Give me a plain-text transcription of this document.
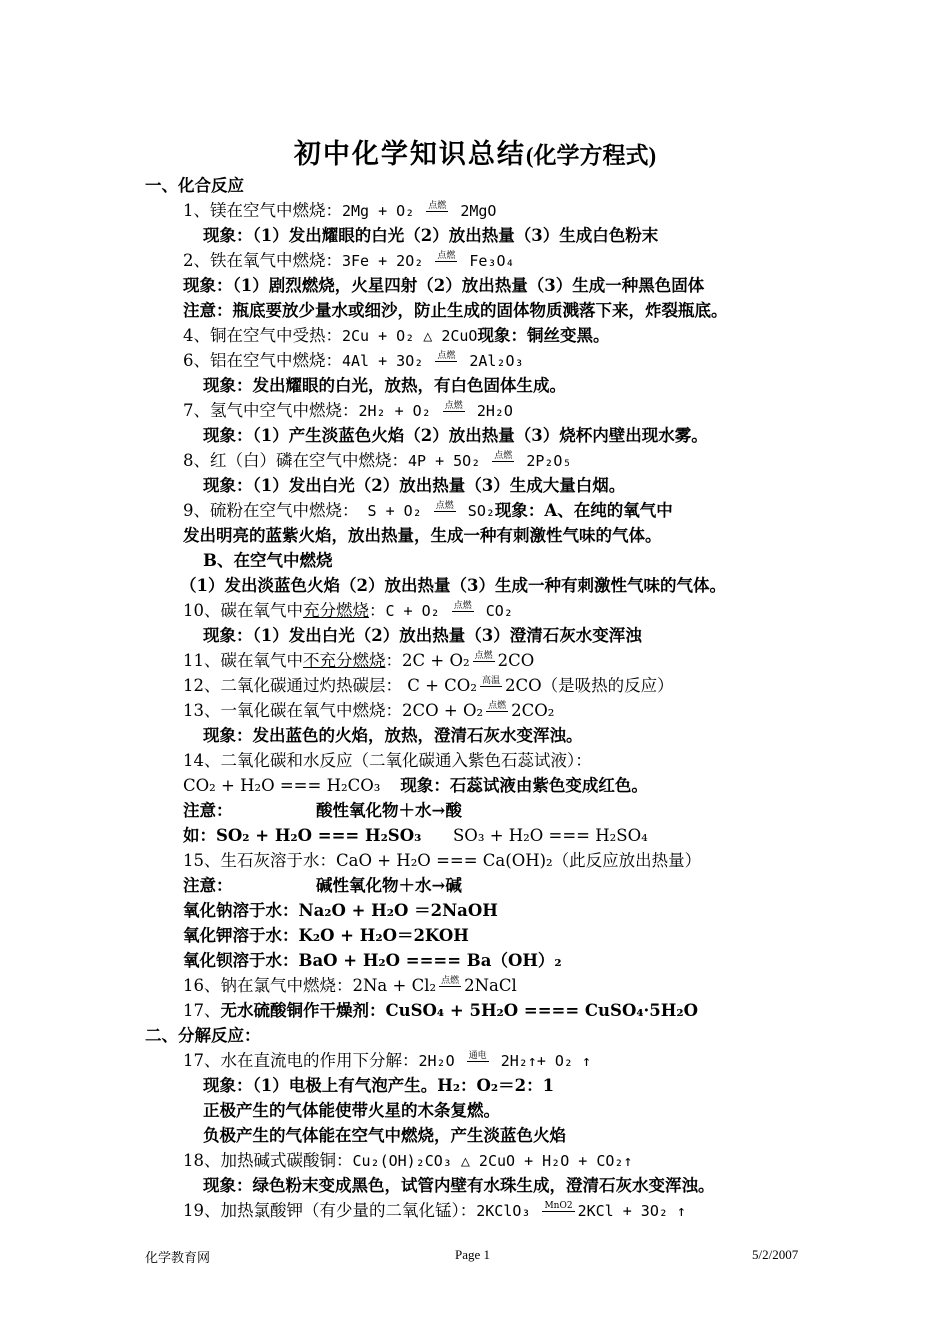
初中化学知识总结(化学方程式)
一、化合反应
1、镁在空气中燃烧：2Mg + O₂ 点燃 2MgO
现象：（1）发出耀眼的白光（2）放出热量（3）生成白色粉末
2、铁在氧气中燃烧：3Fe + 2O₂ 点燃 Fe₃O₄
现象：（1）剧烈燃烧，火星四射（2）放出热量（3）生成一种黑色固体
注意：瓶底要放少量水或细沙，防止生成的固体物质溅落下来，炸裂瓶底。
4、铜在空气中受热：2Cu + O₂ △ 2CuO现象：铜丝变黑。
6、铝在空气中燃烧：4Al + 3O₂ 点燃 2Al₂O₃
现象：发出耀眼的白光，放热，有白色固体生成。
7、氢气中空气中燃烧：2H₂ + O₂ 点燃 2H₂O
现象：（1）产生淡蓝色火焰（2）放出热量（3）烧杯内壁出现水雾。
8、红（白）磷在空气中燃烧：4P + 5O₂ 点燃 2P₂O₅
现象：（1）发出白光（2）放出热量（3）生成大量白烟。
9、硫粉在空气中燃烧： S + O₂ 点燃 SO₂现象：A、在纯的氧气中
发出明亮的蓝紫火焰，放出热量，生成一种有刺激性气味的气体。
B、在空气中燃烧
（1）发出淡蓝色火焰（2）放出热量（3）生成一种有刺激性气味的气体。
10、碳在氧气中充分燃烧：C + O₂ 点燃 CO₂
现象：（1）发出白光（2）放出热量（3）澄清石灰水变浑浊
11、碳在氧气中不充分燃烧：2C + O₂ 点燃 2CO
12、二氧化碳通过灼热碳层： C + CO₂ 高温 2CO（是吸热的反应）
13、一氧化碳在氧气中燃烧：2CO + O₂ 点燃 2CO₂
现象：发出蓝色的火焰，放热，澄清石灰水变浑浊。
14、二氧化碳和水反应（二氧化碳通入紫色石蕊试液）：
CO₂ + H₂O === H₂CO₃ 现象：石蕊试液由紫色变成红色。
注意：	酸性氧化物＋水→酸
如：SO₂ + H₂O === H₂SO₃ SO₃ + H₂O === H₂SO₄
15、生石灰溶于水：CaO + H₂O === Ca(OH)₂（此反应放出热量）
注意：	碱性氧化物＋水→碱
氧化钠溶于水：Na₂O + H₂O ＝2NaOH
氧化钾溶于水：K₂O + H₂O＝2KOH
氧化钡溶于水：BaO + H₂O ==== Ba（OH）₂
16、钠在氯气中燃烧：2Na + Cl₂ 点燃 2NaCl
17、无水硫酸铜作干燥剂：CuSO₄ + 5H₂O ==== CuSO₄·5H₂O
二、分解反应：
17、水在直流电的作用下分解：2H₂O 通电 2H₂↑+ O₂ ↑
现象：（1）电极上有气泡产生。H₂：O₂＝2：1
正极产生的气体能使带火星的木条复燃。
负极产生的气体能在空气中燃烧，产生淡蓝色火焰
18、加热碱式碳酸铜：Cu₂(OH)₂CO₃ △ 2CuO + H₂O + CO₂↑
现象：绿色粉末变成黑色，试管内壁有水珠生成，澄清石灰水变浑浊。
19、加热氯酸钾（有少量的二氧化锰）：2KClO₃ MnO2 2KCl + 3O₂ ↑
化学教育网	Page 1	5/2/2007
